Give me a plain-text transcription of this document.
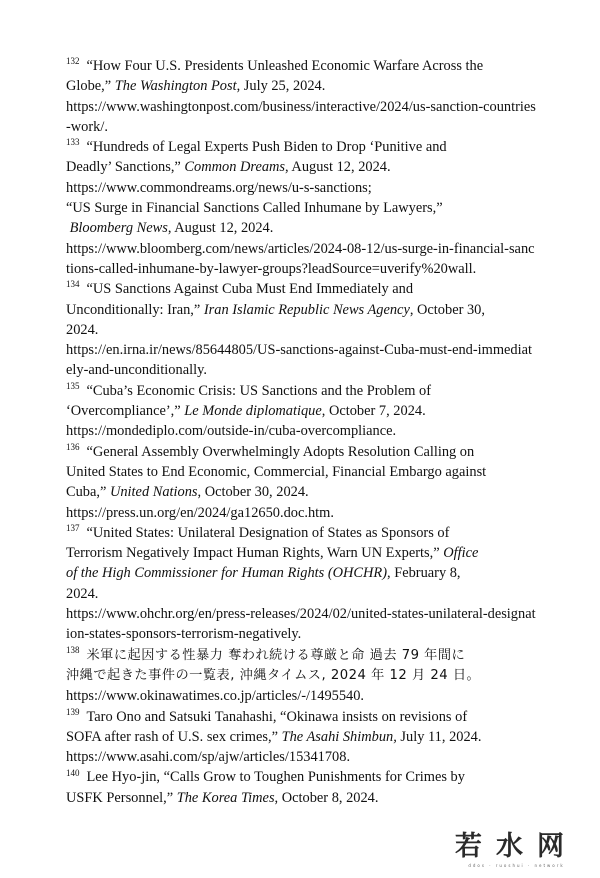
$^{132}$ “How Four U.S. Presidents Unleashed Economic Warfare Across the
Globe,” The Washington Post, July 25, 2024.
https://www.washingtonpost.com/business/interactive/2024/us-sanction-countries-work/.
$^{133}$ “Hundreds of Legal Experts Push Biden to Drop ‘Punitive and
Deadly’ Sanctions,” Common Dreams, August 12, 2024.
https://www.commondreams.org/news/u-s-sanctions;
“US Surge in Financial Sanctions Called Inhumane by Lawyers,”
Bloomberg News, August 12, 2024.
https://www.bloomberg.com/news/articles/2024-08-12/us-surge-in-financial-sanctions-called-inhumane-by-lawyer-groups?leadSource=uverify%20wall.
$^{134}$ “US Sanctions Against Cuba Must End Immediately and
Unconditionally: Iran,” Iran Islamic Republic News Agency, October 30,
2024.
https://en.irna.ir/news/85644805/US-sanctions-against-Cuba-must-end-immediately-and-unconditionally.
$^{135}$ “Cuba’s Economic Crisis: US Sanctions and the Problem of
‘Overcompliance’,” Le Monde diplomatique, October 7, 2024.
https://mondediplo.com/outside-in/cuba-overcompliance.
$^{136}$ “General Assembly Overwhelmingly Adopts Resolution Calling on
United States to End Economic, Commercial, Financial Embargo against
Cuba,” United Nations, October 30, 2024.
https://press.un.org/en/2024/ga12650.doc.htm.
$^{137}$ “United States: Unilateral Designation of States as Sponsors of
Terrorism Negatively Impact Human Rights, Warn UN Experts,” Office
of the High Commissioner for Human Rights (OHCHR), February 8,
2024.
https://www.ohchr.org/en/press-releases/2024/02/united-states-unilateral-designation-states-sponsors-terrorism-negatively.
$^{138}$ 米軍に起因する性暴力 奪われ続ける尊厳と命 過去 79 年間に
沖縄で起きた事件の一覧表, 沖縄タイムス, 2024 年 12 月 24 日。
https://www.okinawatimes.co.jp/articles/-/1495540.
$^{139}$ Taro Ono and Satsuki Tanahashi, “Okinawa insists on revisions of
SOFA after rash of U.S. sex crimes,” The Asahi Shimbun, July 11, 2024.
https://www.asahi.com/sp/ajw/articles/15341708.
$^{140}$ Lee Hyo-jin, “Calls Grow to Toughen Punishments for Crimes by
USFK Personnel,” The Korea Times, October 8, 2024.
若水网
ddos · ruoshui · network
